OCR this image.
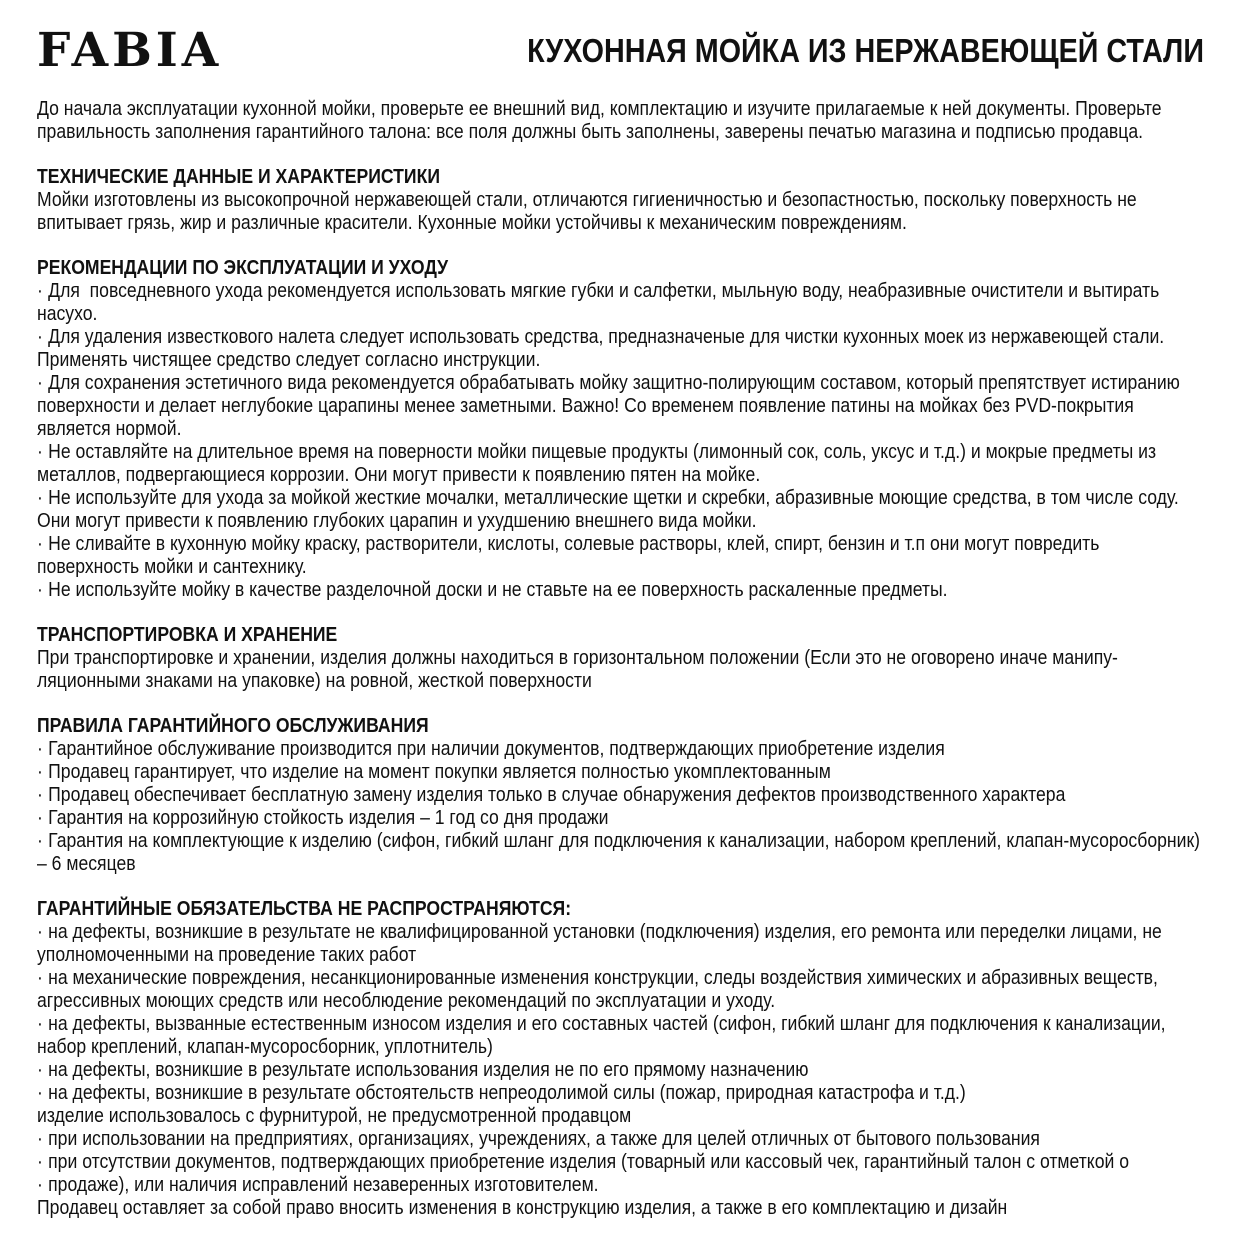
FABIA	КУХОННАЯ МОЙКА ИЗ НЕРЖАВЕЮЩЕЙ СТАЛИ

До начала эксплуатации кухонной мойки, проверьте ее внешний вид, комплектацию и изучите прилагаемые к ней документы. Проверьте правильность заполнения гарантийного талона: все поля должны быть заполнены, заверены печатью магазина и подписью продавца.

ТЕХНИЧЕСКИЕ ДАННЫЕ И ХАРАКТЕРИСТИКИ

Мойки изготовлены из высокопрочной нержавеющей стали, отличаются гигиеничностью и безопастностью, поскольку поверхность не впитывает грязь, жир и различные красители. Кухонные мойки устойчивы к механическим повреждениям.

РЕКОМЕНДАЦИИ ПО ЭКСПЛУАТАЦИИ И УХОДУ

· Для  повседневного ухода рекомендуется использовать мягкие губки и салфетки, мыльную воду, неабразивные очистители и вытирать насухо.

· Для удаления известкового налета следует использовать средства, предназначеные для чистки кухонных моек из нержавеющей стали. Применять чистящее средство следует согласно инструкции.

· Для сохранения эстетичного вида рекомендуется обрабатывать мойку защитно-полирующим составом, который препятствует истиранию поверхности и делает неглубокие царапины менее заметными. Важно! Со временем появление патины на мойках без PVD-покрытия является нормой.

· Не оставляйте на длительное время на поверности мойки пищевые продукты (лимонный сок, соль, уксус и т.д.) и мокрые предметы из металлов, подвергающиеся коррозии. Они могут привести к появлению пятен на мойке.

· Не используйте для ухода за мойкой жесткие мочалки, металлические щетки и скребки, абразивные моющие средства, в том числе соду. Они могут привести к появлению глубоких царапин и ухудшению внешнего вида мойки.

· Не сливайте в кухонную мойку краску, растворители, кислоты, солевые растворы, клей, спирт, бензин и т.п они могут повредить поверхность мойки и сантехнику.

· Не используйте мойку в качестве разделочной доски и не ставьте на ее поверхность раскаленные предметы.

ТРАНСПОРТИРОВКА И ХРАНЕНИЕ

При транспортировке и хранении, изделия должны находиться в горизонтальном положении (Если это не оговорено иначе манипуляционными знаками на упаковке) на ровной, жесткой поверхности

ПРАВИЛА ГАРАНТИЙНОГО ОБСЛУЖИВАНИЯ

· Гарантийное обслуживание производится при наличии документов, подтверждающих приобретение изделия

· Продавец гарантирует, что изделие на момент покупки является полностью укомплектованным

· Продавец обеспечивает бесплатную замену изделия только в случае обнаружения дефектов производственного характера

· Гарантия на коррозийную стойкость изделия – 1 год со дня продажи

· Гарантия на комплектующие к изделию (сифон, гибкий шланг для подключения к канализации, набором креплений, клапан-мусоросборник) – 6 месяцев

ГАРАНТИЙНЫЕ ОБЯЗАТЕЛЬСТВА НЕ РАСПРОСТРАНЯЮТСЯ:

· на дефекты, возникшие в результате не квалифицированной установки (подключения) изделия, его ремонта или переделки лицами, не уполномоченными на проведение таких работ

· на механические повреждения, несанкционированные изменения конструкции, следы воздействия химических и абразивных веществ, агрессивных моющих средств или несоблюдение рекомендаций по эксплуатации и уходу.

· на дефекты, вызванные естественным износом изделия и его составных частей (сифон, гибкий шланг для подключения к канализации, набор креплений, клапан-мусоросборник, уплотнитель)

· на дефекты, возникшие в результате использования изделия не по его прямому назначению

· на дефекты, возникшие в результате обстоятельств непреодолимой силы (пожар, природная катастрофа и т.д.)

изделие использовалось с фурнитурой, не предусмотренной продавцом

· при использовании на предприятиях, организациях, учреждениях, а также для целей отличных от бытового пользования

· при отсутствии документов, подтверждающих приобретение изделия (товарный или кассовый чек, гарантийный талон с отметкой о

· продаже), или наличия исправлений незаверенных изготовителем.

Продавец оставляет за собой право вносить изменения в конструкцию изделия, а также в его комплектацию и дизайн
